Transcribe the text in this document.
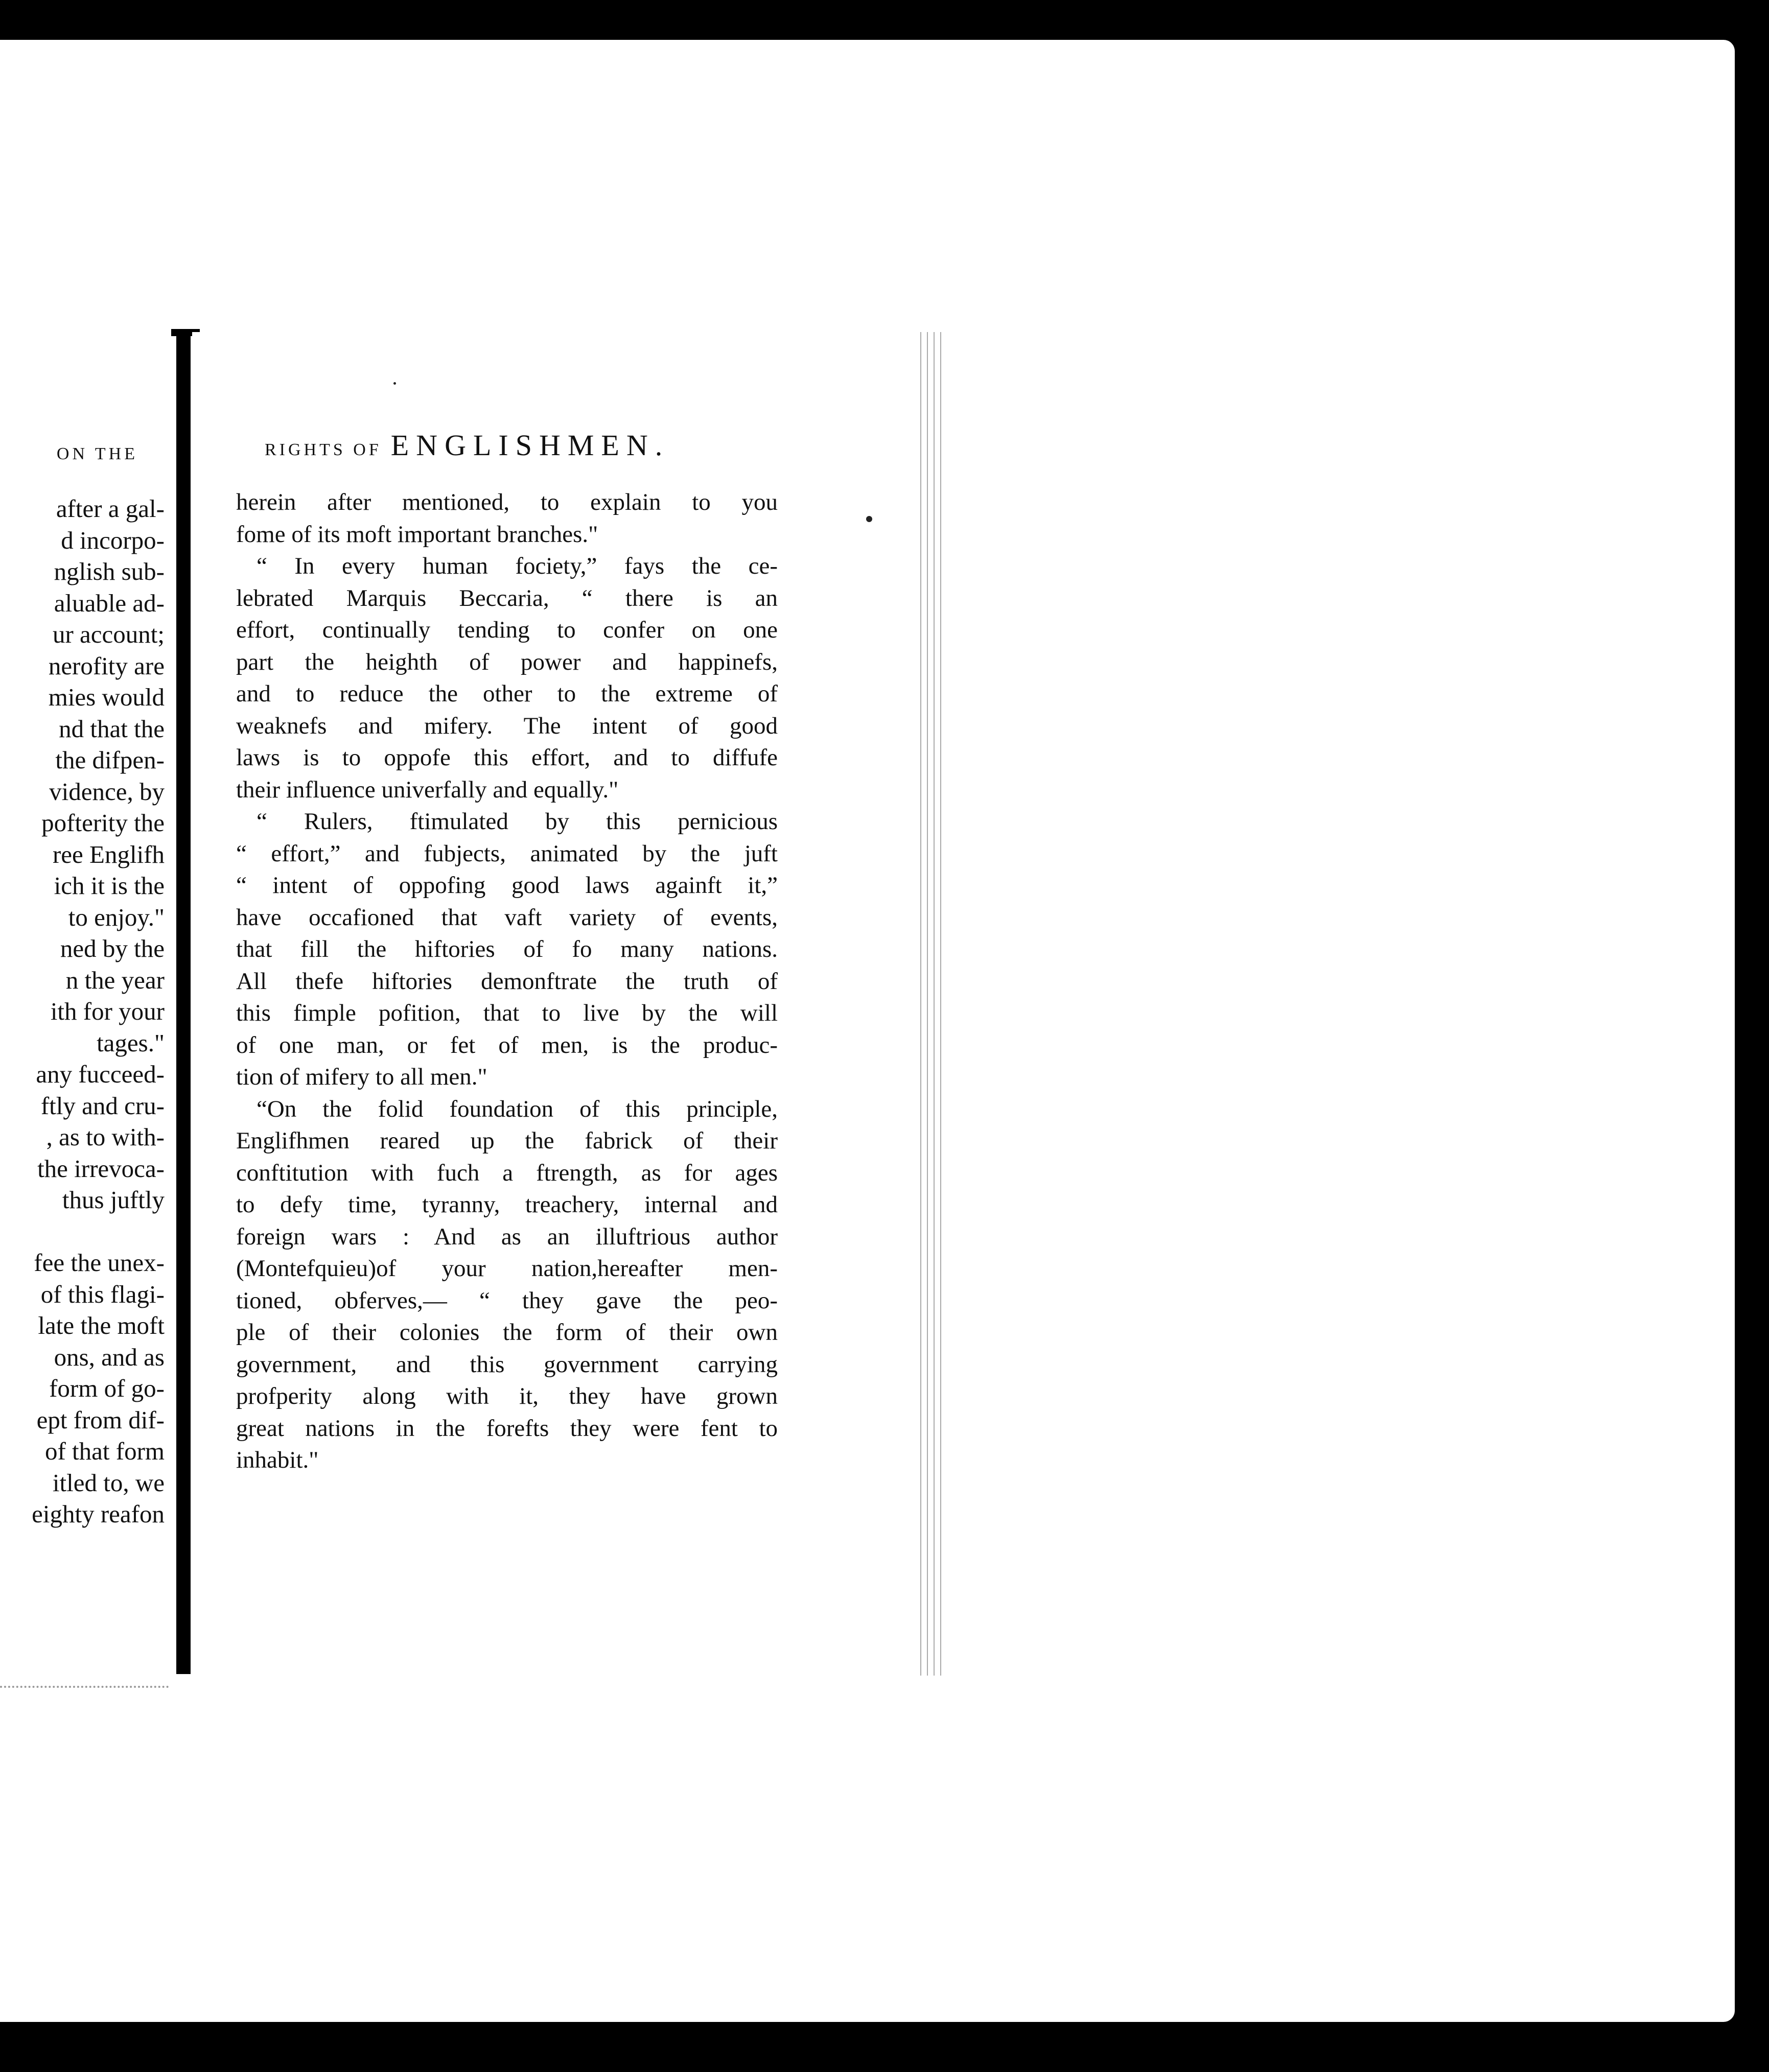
ON THE
after a gal-
d incorpo-
nglish sub-
aluable ad-
ur account;
nerofity are
mies would
nd that the
the difpen-
vidence, by
pofterity the
ree Englifh
ich it is the
to enjoy."
ned by the
n the year
ith for your
tages."
any fucceed-
ftly and cru-
, as to with-
the irrevoca-
thus juftly

fee the unex-
of this flagi-
late the moft
ons, and as
form of go-
ept from dif-
of that form
itled to, we
eighty reafon
RIGHTS OF ENGLISHMEN.
herein after mentioned, to explain to you
fome of its moft important branches."
“ In every human fociety,” fays the ce-
lebrated Marquis Beccaria, “ there is an
effort, continually tending to confer on one
part the heighth of power and happinefs,
and to reduce the other to the extreme of
weaknefs and mifery. The intent of good
laws is to oppofe this effort, and to diffufe
their influence univerfally and equally."
“ Rulers, ftimulated by this pernicious
“ effort,” and fubjects, animated by the juft
“ intent of oppofing good laws againft it,”
have occafioned that vaft variety of events,
that fill the hiftories of fo many nations.
All thefe hiftories demonftrate the truth of
this fimple pofition, that to live by the will
of one man, or fet of men, is the produc-
tion of mifery to all men."
“On the folid foundation of this principle,
Englifhmen reared up the fabrick of their
conftitution with fuch a ftrength, as for ages
to defy time, tyranny, treachery, internal and
foreign wars : And as an illuftrious author
(Montefquieu)of your nation,hereafter men-
tioned, obferves,— “ they gave the peo-
ple of their colonies the form of their own
government, and this government carrying
profperity along with it, they have grown
great nations in the forefts they were fent to
inhabit."
